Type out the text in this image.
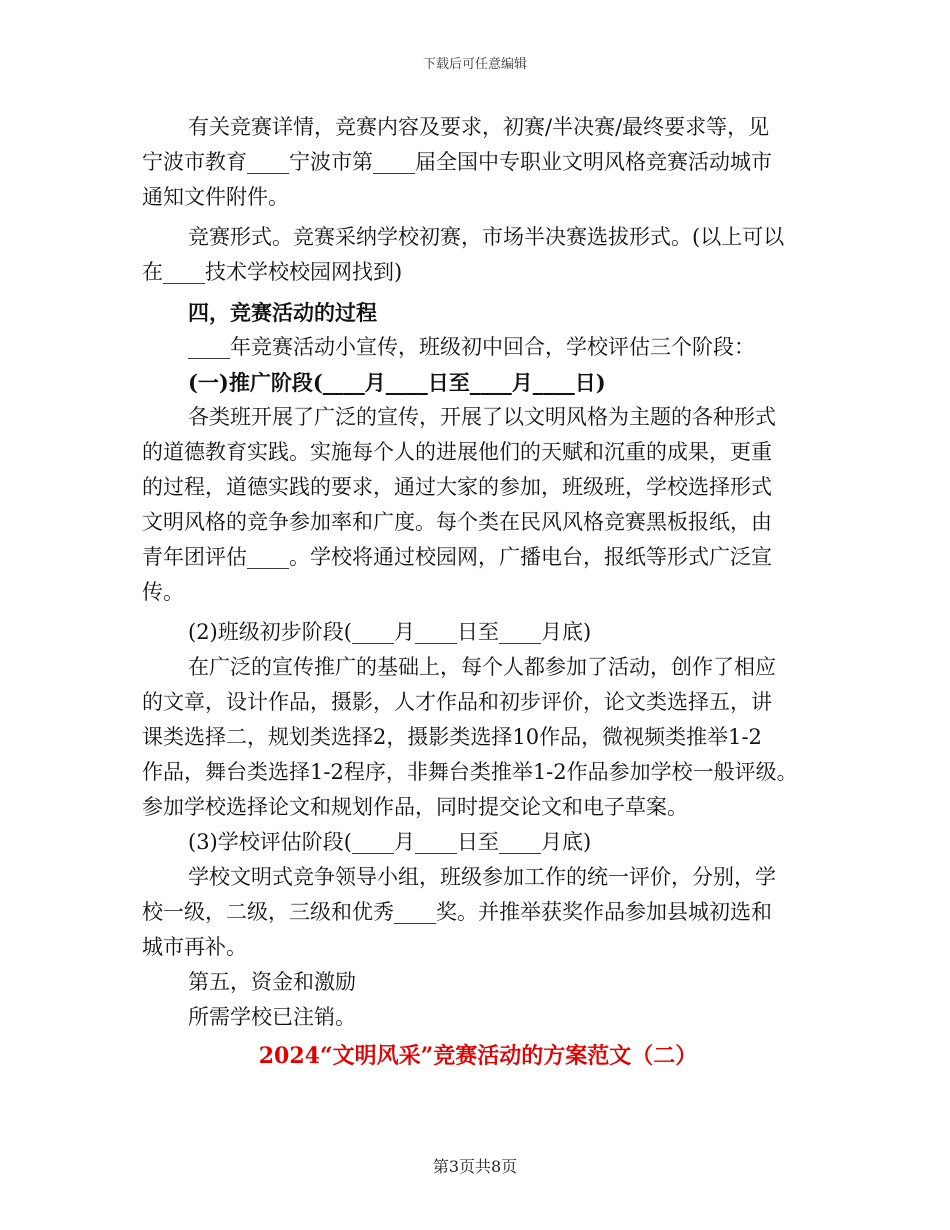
下载后可任意编辑
有关竞赛详情，竞赛内容及要求，初赛/半决赛/最终要求等，见
宁波市教育____宁波市第____届全国中专职业文明风格竞赛活动城市
通知文件附件。
竞赛形式。竞赛采纳学校初赛，市场半决赛选拔形式。(以上可以
在____技术学校校园网找到)
四，竞赛活动的过程
____年竞赛活动小宣传，班级初中回合，学校评估三个阶段：
(一)推广阶段(____月____日至____月____日)
各类班开展了广泛的宣传，开展了以文明风格为主题的各种形式
的道德教育实践。实施每个人的进展他们的天赋和沉重的成果，更重
的过程，道德实践的要求，通过大家的参加，班级班，学校选择形式
文明风格的竞争参加率和广度。每个类在民风风格竞赛黑板报纸，由
青年团评估____。学校将通过校园网，广播电台，报纸等形式广泛宣
传。
(2)班级初步阶段(____月____日至____月底)
在广泛的宣传推广的基础上，每个人都参加了活动，创作了相应
的文章，设计作品，摄影，人才作品和初步评价，论文类选择五，讲
课类选择二，规划类选择2，摄影类选择10作品，微视频类推举1-2
作品，舞台类选择1-2程序，非舞台类推举1-2作品参加学校一般评级。
参加学校选择论文和规划作品，同时提交论文和电子草案。
(3)学校评估阶段(____月____日至____月底)
学校文明式竞争领导小组，班级参加工作的统一评价，分别，学
校一级，二级，三级和优秀____奖。并推举获奖作品参加县城初选和
城市再补。
第五，资金和激励
所需学校已注销。
2024“文明风采”竞赛活动的方案范文（二）
第3页共8页
